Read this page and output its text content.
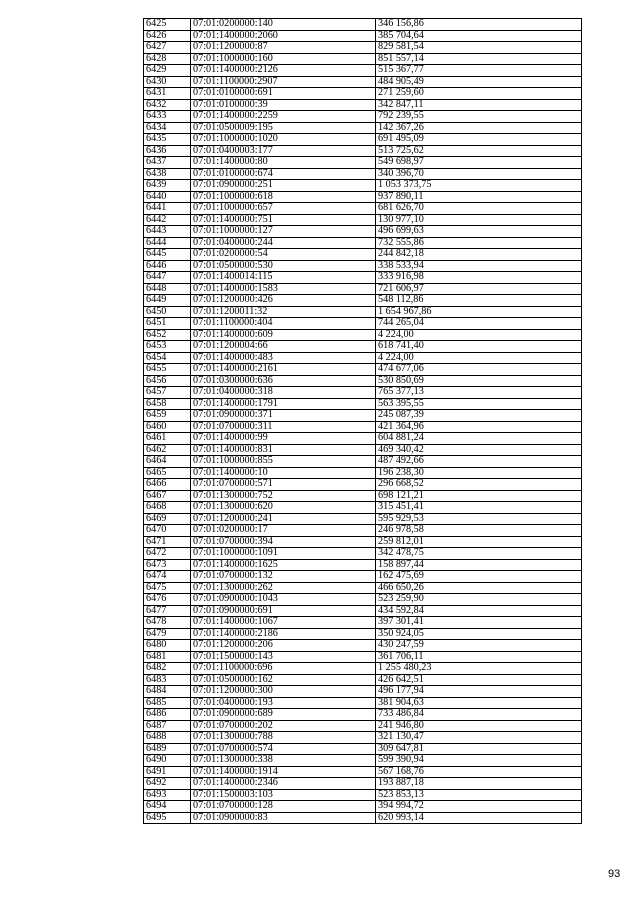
6425	07:01:0200000:140	346 156,86
6426	07:01:1400000:2060	385 704,64
6427	07:01:1200000:87	829 581,54
6428	07:01:1000000:160	851 557,14
6429	07:01:1400000:2126	515 367,77
6430	07:01:1100000:2907	484 905,49
6431	07:01:0100000:691	271 259,60
6432	07:01:0100000:39	342 847,11
6433	07:01:1400000:2259	792 239,55
6434	07:01:0500009:195	142 367,26
6435	07:01:1000000:1020	691 495,09
6436	07:01:0400003:177	513 725,62
6437	07:01:1400000:80	549 698,97
6438	07:01:0100000:674	340 396,70
6439	07:01:0900000:251	1 053 373,75
6440	07:01:1000000:618	937 890,11
6441	07:01:1000000:657	681 626,70
6442	07:01:1400000:751	130 977,10
6443	07:01:1000000:127	496 699,63
6444	07:01:0400000:244	732 555,86
6445	07:01:0200000:54	244 842,18
6446	07:01:0500000:530	338 533,94
6447	07:01:1400014:115	333 916,98
6448	07:01:1400000:1583	721 606,97
6449	07:01:1200000:426	548 112,86
6450	07:01:1200011:32	1 654 967,86
6451	07:01:1100000:404	744 265,04
6452	07:01:1400000:609	4 224,00
6453	07:01:1200004:66	618 741,40
6454	07:01:1400000:483	4 224,00
6455	07:01:1400000:2161	474 677,06
6456	07:01:0300000:636	530 850,69
6457	07:01:0400000:318	765 377,13
6458	07:01:1400000:1791	563 395,55
6459	07:01:0900000:371	245 087,39
6460	07:01:0700000:311	421 364,96
6461	07:01:1400000:99	604 881,24
6462	07:01:1400000:831	469 340,42
6464	07:01:1000000:855	487 492,66
6465	07:01:1400000:10	196 238,30
6466	07:01:0700000:571	296 668,52
6467	07:01:1300000:752	698 121,21
6468	07:01:1300000:620	315 451,41
6469	07:01:1200000:241	595 929,53
6470	07:01:0200000:17	246 978,58
6471	07:01:0700000:394	259 812,01
6472	07:01:1000000:1091	342 478,75
6473	07:01:1400000:1625	158 897,44
6474	07:01:0700000:132	162 475,69
6475	07:01:1300000:262	466 650,26
6476	07:01:0900000:1043	523 259,90
6477	07:01:0900000:691	434 592,84
6478	07:01:1400000:1067	397 301,41
6479	07:01:1400000:2186	350 924,05
6480	07:01:1200000:206	430 247,59
6481	07:01:1500000:143	361 706,11
6482	07:01:1100000:696	1 255 480,23
6483	07:01:0500000:162	426 642,51
6484	07:01:1200000:300	496 177,94
6485	07:01:0400000:193	381 904,63
6486	07:01:0900000:689	733 486,84
6487	07:01:0700000:202	241 946,80
6488	07:01:1300000:788	321 130,47
6489	07:01:0700000:574	309 647,81
6490	07:01:1300000:338	599 390,94
6491	07:01:1400000:1914	567 168,76
6492	07:01:1400000:2346	193 887,18
6493	07:01:1500003:103	523 853,13
6494	07:01:0700000:128	394 994,72
6495	07:01:0900000:83	620 993,14
93
